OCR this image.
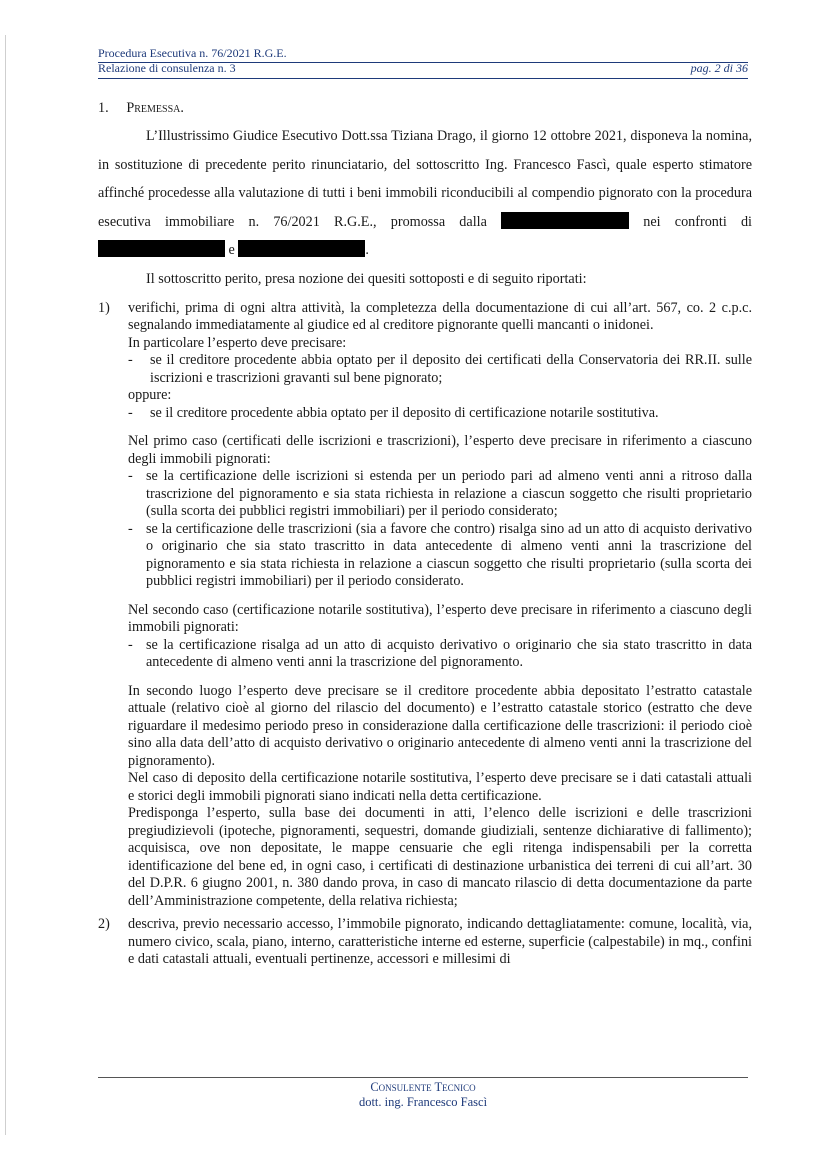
Procedura Esecutiva n. 76/2021 R.G.E.
Relazione di consulenza n. 3	pag. 2 di 36
1. Premessa.

L’Illustrissimo Giudice Esecutivo Dott.ssa Tiziana Drago, il giorno 12 ottobre 2021, disponeva la nomina, in sostituzione di precedente perito rinunciatario, del sottoscritto Ing. Francesco Fascì, quale esperto stimatore affinché procedesse alla valutazione di tutti i beni immobili riconducibili al compendio pignorato con la procedura esecutiva immobiliare n. 76/2021 R.G.E., promossa dalla	nei confronti di  e	.

Il sottoscritto perito, presa nozione dei quesiti sottoposti e di seguito riportati:

1)	verifichi, prima di ogni altra attività, la completezza della documentazione di cui all’art. 567, co. 2 c.p.c. segnalando immediatamente al giudice ed al creditore pignorante quelli mancanti o inidonei.

In particolare l’esperto deve precisare:

-	se il creditore procedente abbia optato per il deposito dei certificati della Conservatoria dei RR.II. sulle iscrizioni e trascrizioni gravanti sul bene pignorato;

oppure:

-	se il creditore procedente abbia optato per il deposito di certificazione notarile sostitutiva.

Nel primo caso (certificati delle iscrizioni e trascrizioni), l’esperto deve precisare in riferimento a ciascuno degli immobili pignorati:

- se la certificazione delle iscrizioni si estenda per un periodo pari ad almeno venti anni a ritroso dalla trascrizione del pignoramento e sia stata richiesta in relazione a ciascun soggetto che risulti proprietario (sulla scorta dei pubblici registri immobiliari) per il periodo considerato;
- se la certificazione delle trascrizioni (sia a favore che contro) risalga sino ad un atto di acquisto derivativo o originario che sia stato trascritto in data antecedente di almeno venti anni la trascrizione del pignoramento e sia stata richiesta in relazione a ciascun soggetto che risulti proprietario (sulla scorta dei pubblici registri immobiliari) per il periodo considerato.

Nel secondo caso (certificazione notarile sostitutiva), l’esperto deve precisare in riferimento a ciascuno degli immobili pignorati:

- se la certificazione risalga ad un atto di acquisto derivativo o originario che sia stato trascritto in data antecedente di almeno venti anni la trascrizione del pignoramento.

In secondo luogo l’esperto deve precisare se il creditore procedente abbia depositato l’estratto catastale attuale (relativo cioè al giorno del rilascio del documento) e l’estratto catastale storico (estratto che deve riguardare il medesimo periodo preso in considerazione dalla certificazione delle trascrizioni: il periodo cioè sino alla data dell’atto di acquisto derivativo o originario antecedente di almeno venti anni la trascrizione del pignoramento).

Nel caso di deposito della certificazione notarile sostitutiva, l’esperto deve precisare se i dati catastali attuali e storici degli immobili pignorati siano indicati nella detta certificazione.

Predisponga l’esperto, sulla base dei documenti in atti, l’elenco delle iscrizioni e delle trascrizioni pregiudizievoli (ipoteche, pignoramenti, sequestri, domande giudiziali, sentenze dichiarative di fallimento); acquisisca, ove non depositate, le mappe censuarie che egli ritenga indispensabili per la corretta identificazione del bene ed, in ogni caso, i certificati di destinazione urbanistica dei terreni di cui all’art. 30 del D.P.R. 6 giugno 2001, n. 380 dando prova, in caso di mancato rilascio di detta documentazione da parte dell’Amministrazione competente, della relativa richiesta;

2)	descriva, previo necessario accesso, l’immobile pignorato, indicando dettagliatamente: comune, località, via, numero civico, scala, piano, interno, caratteristiche interne ed esterne, superficie (calpestabile) in mq., confini e dati catastali attuali, eventuali pertinenze, accessori e millesimi di

Consulente Tecnico
dott. ing. Francesco Fascì
